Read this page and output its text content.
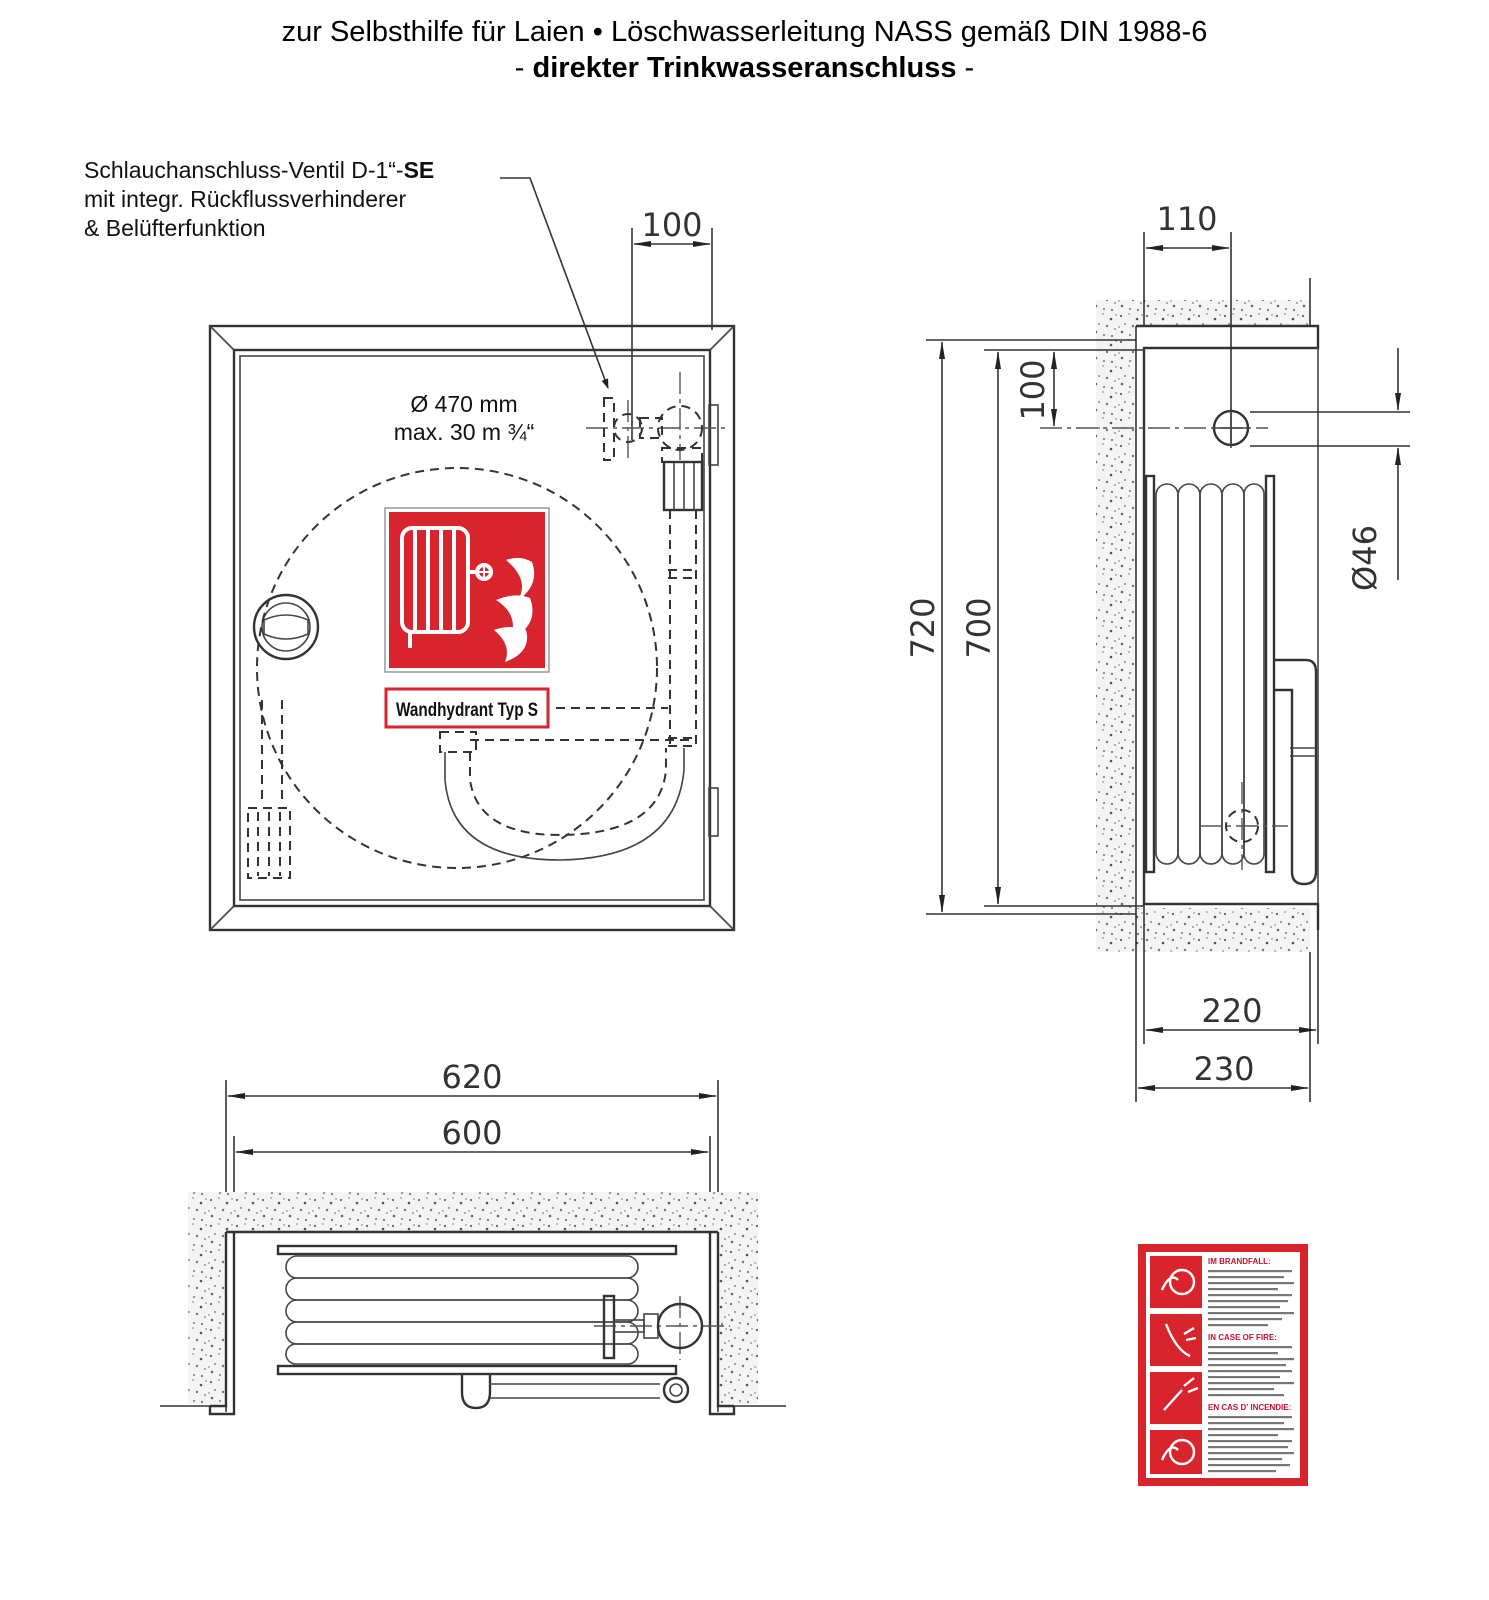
zur Selbsthilfe für Laien • Löschwasserleitung NASS gemäß DIN 1988-6
- direkter Trinkwasseranschluss -
Schlauchanschluss-Ventil D-1“-SE
mit integr. Rückflussverhinderer
& Belüfterfunktion	100
Ø 470 mm
max. 30 m ¾“
Wandhydrant Typ S
110
720 700
100
Ø46
220
230
620
600
IM BRANDFALL:
IN CASE OF FIRE:
EN CAS D' INCENDIE:
